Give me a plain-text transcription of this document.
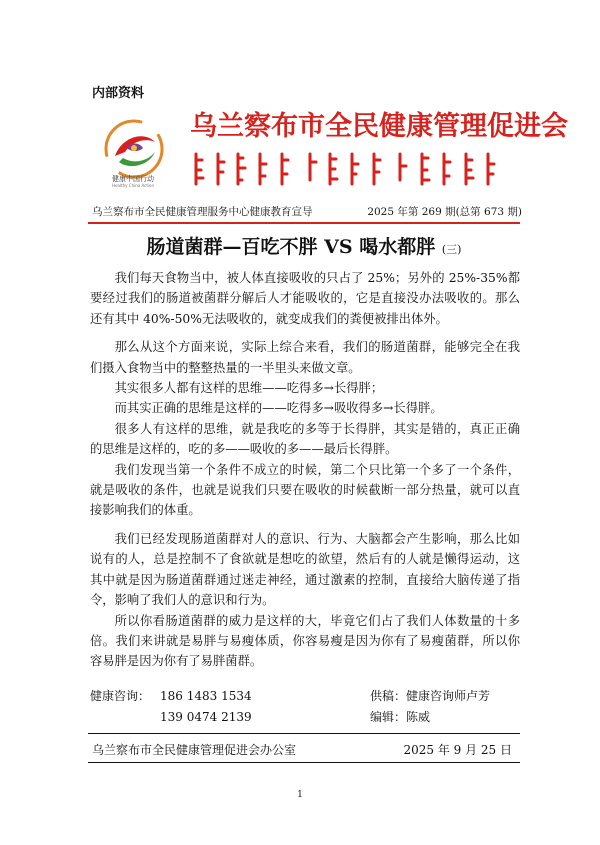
内部资料
健康中国行动
Healthy China Action
乌兰察布市全民健康管理促进会
乌兰察布市全民健康管理服务中心健康教育宣导	2025 年第 269 期(总第 673 期)
肠道菌群—百吃不胖 VS 喝水都胖 (三)

我们每天食物当中，被人体直接吸收的只占了 25%；另外的 25%-35%都要经过我们的肠道被菌群分解后人才能吸收的，它是直接没办法吸收的。那么还有其中 40%-50%无法吸收的，就变成我们的粪便被排出体外。

那么从这个方面来说，实际上综合来看，我们的肠道菌群，能够完全在我们摄入食物当中的整整热量的一半里头来做文章。

其实很多人都有这样的思维——吃得多→长得胖；

而其实正确的思维是这样的——吃得多→吸收得多→长得胖。

很多人有这样的思维，就是我吃的多等于长得胖，其实是错的，真正正确的思维是这样的，吃的多——吸收的多——最后长得胖。

我们发现当第一个条件不成立的时候，第二个只比第一个多了一个条件，就是吸收的条件，也就是说我们只要在吸收的时候截断一部分热量，就可以直接影响我们的体重。

我们已经发现肠道菌群对人的意识、行为、大脑都会产生影响，那么比如说有的人，总是控制不了食欲就是想吃的欲望，然后有的人就是懒得运动，这其中就是因为肠道菌群通过迷走神经，通过激素的控制，直接给大脑传递了指令，影响了我们人的意识和行为。

所以你看肠道菌群的威力是这样的大，毕竟它们占了我们人体数量的十多倍。我们来讲就是易胖与易瘦体质，你容易瘦是因为你有了易瘦菌群，所以你容易胖是因为你有了易胖菌群。

健康咨询： 186 1483 1534	供稿：健康咨询师卢芳
139 0474 2139	编辑：陈威
乌兰察布市全民健康管理促进会办公室	2025 年 9 月 25 日
1
